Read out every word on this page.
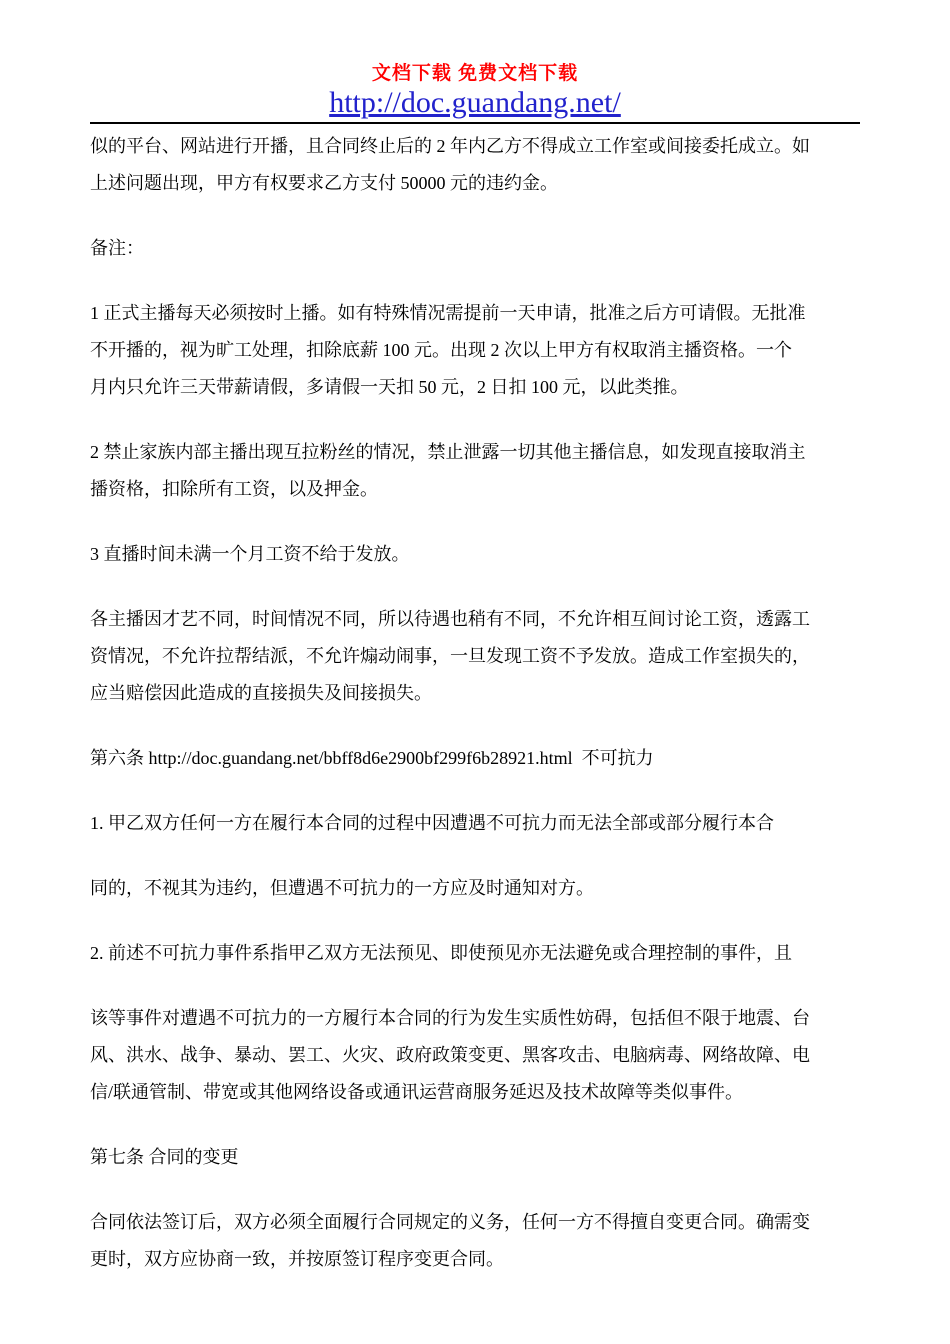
文档下载 免费文档下载
http://doc.guandang.net/
似的平台、网站进行开播，且合同终止后的 2 年内乙方不得成立工作室或间接委托成立。如
上述问题出现，甲方有权要求乙方支付 50000 元的违约金。
备注：
1 正式主播每天必须按时上播。如有特殊情况需提前一天申请，批准之后方可请假。无批准
不开播的，视为旷工处理，扣除底薪 100 元。出现 2 次以上甲方有权取消主播资格。一个
月内只允许三天带薪请假，多请假一天扣 50 元，2 日扣 100 元，以此类推。
2 禁止家族内部主播出现互拉粉丝的情况，禁止泄露一切其他主播信息，如发现直接取消主
播资格，扣除所有工资，以及押金。
3 直播时间未满一个月工资不给于发放。
各主播因才艺不同，时间情况不同，所以待遇也稍有不同，不允许相互间讨论工资，透露工
资情况，不允许拉帮结派，不允许煽动闹事，一旦发现工资不予发放。造成工作室损失的，
应当赔偿因此造成的直接损失及间接损失。
第六条 http://doc.guandang.net/bbff8d6e2900bf299f6b28921.html  不可抗力
1. 甲乙双方任何一方在履行本合同的过程中因遭遇不可抗力而无法全部或部分履行本合
同的，不视其为违约，但遭遇不可抗力的一方应及时通知对方。
2. 前述不可抗力事件系指甲乙双方无法预见、即使预见亦无法避免或合理控制的事件，且
该等事件对遭遇不可抗力的一方履行本合同的行为发生实质性妨碍，包括但不限于地震、台
风、洪水、战争、暴动、罢工、火灾、政府政策变更、黑客攻击、电脑病毒、网络故障、电
信/联通管制、带宽或其他网络设备或通讯运营商服务延迟及技术故障等类似事件。
第七条 合同的变更
合同依法签订后，双方必须全面履行合同规定的义务，任何一方不得擅自变更合同。确需变
更时，双方应协商一致，并按原签订程序变更合同。
